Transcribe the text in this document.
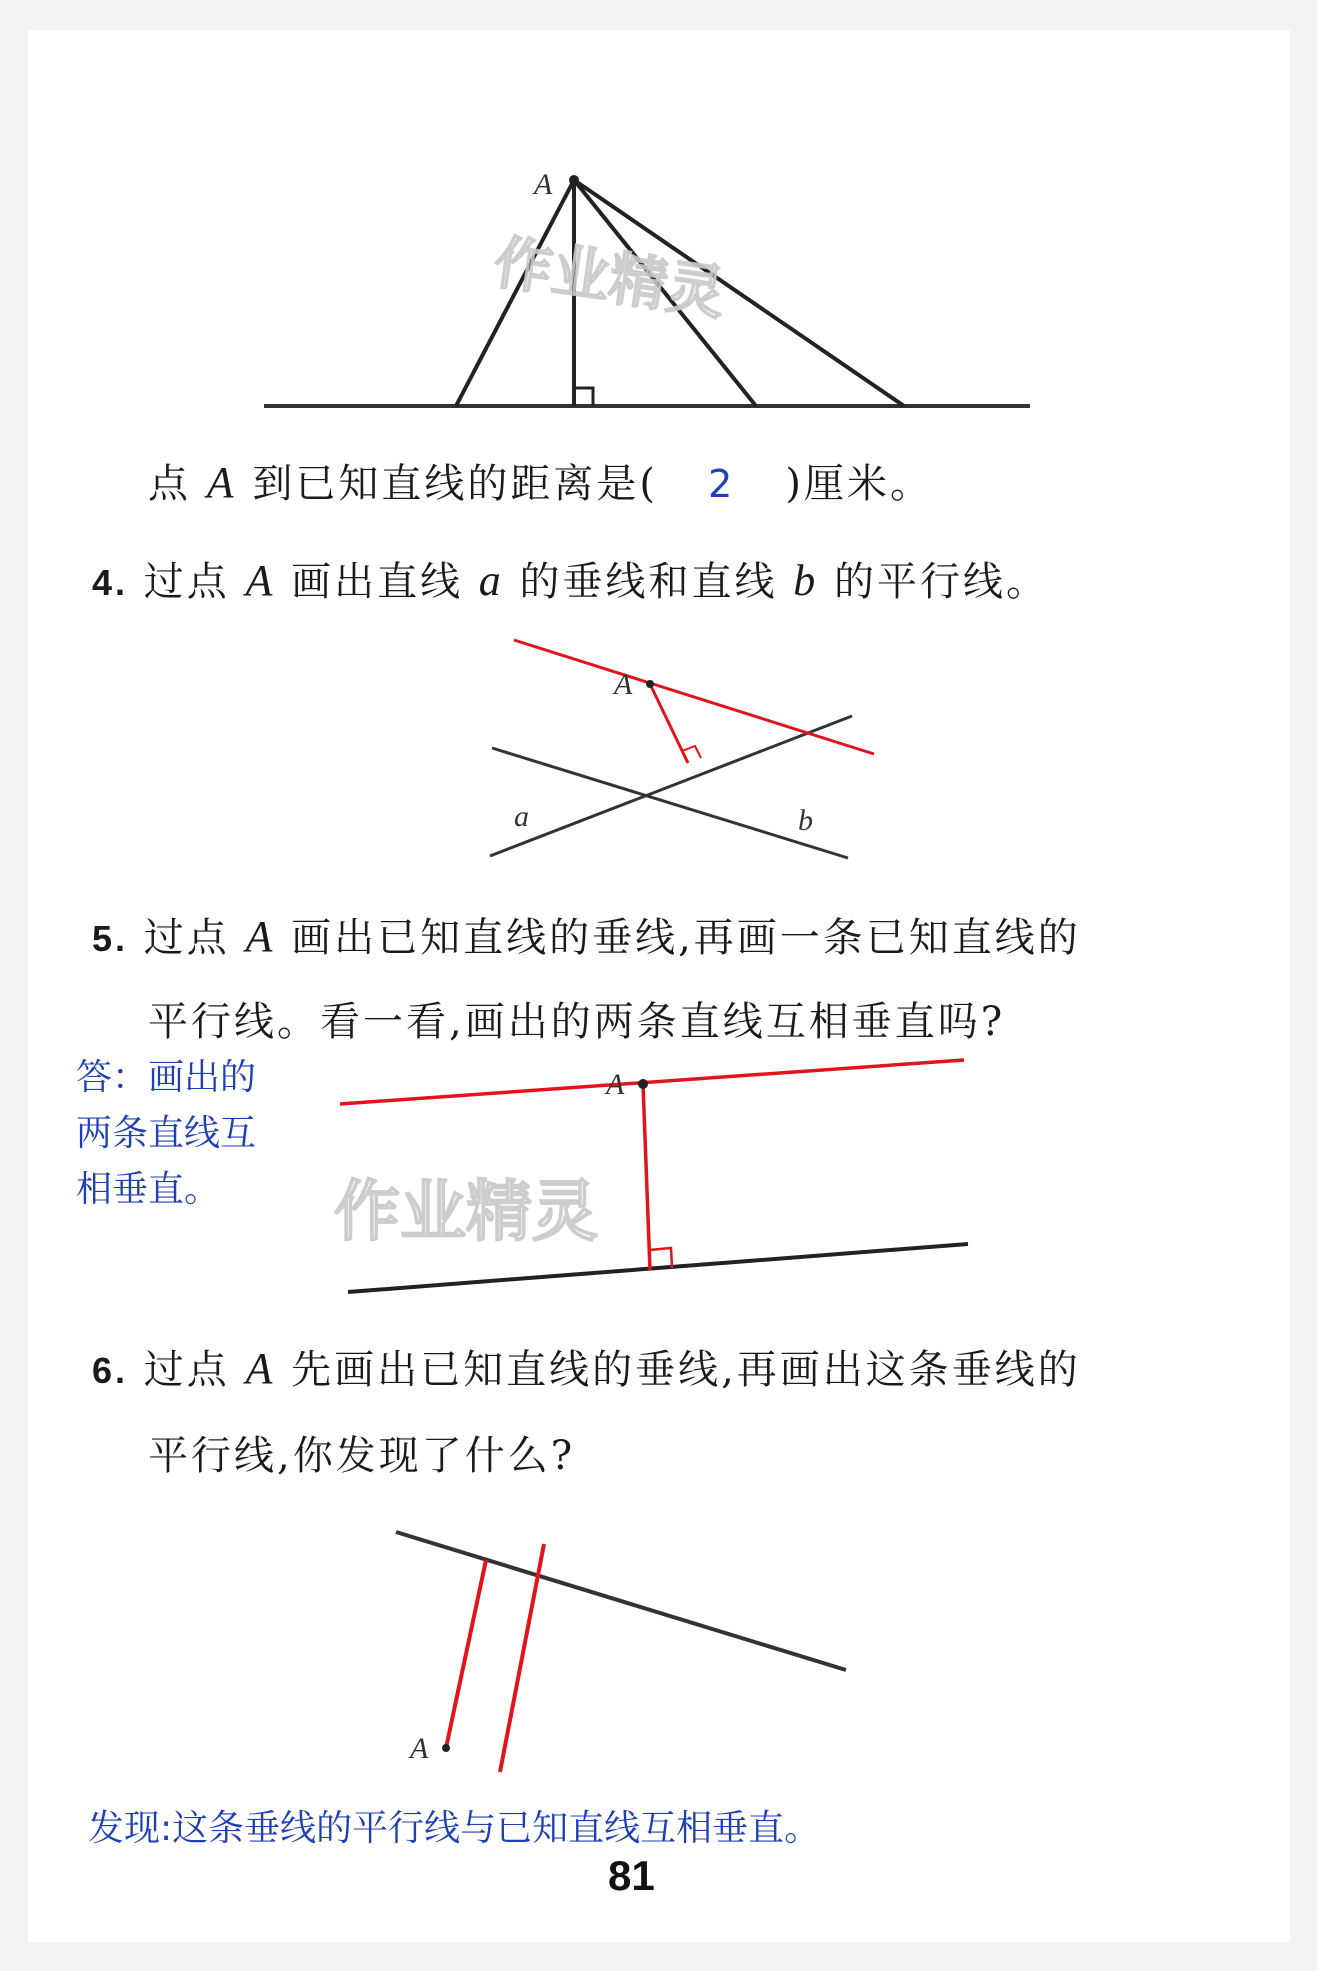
A
作业精灵
点 A 到已知直线的距离是( 2 )厘米。
4. 过点 A 画出直线 a 的垂线和直线 b 的平行线。
A
a	b
5. 过点 A 画出已知直线的垂线,再画一条已知直线的
平行线。看一看,画出的两条直线互相垂直吗?
答：画出的
两条直线互
相垂直。
A
作业精灵
6. 过点 A 先画出已知直线的垂线,再画出这条垂线的
平行线,你发现了什么?
A
发现:这条垂线的平行线与已知直线互相垂直。
81
